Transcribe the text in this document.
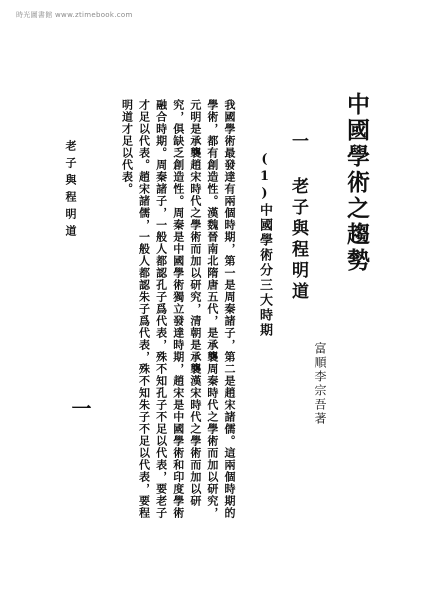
時光圖書館 www.ztimebook.com
中國學術之趨勢
一 老子與程明道
(1)中國學術分三大時期
富順李宗吾著

我國學術最發達有兩個時期，第一是周秦諸子，第二是趙宋諸儒。這兩個時期的學術，都有創造性。漢魏晉南北隋唐五代，是承襲周秦時代之學術而加以研究，元明是承襲趙宋時代之學術而加以研究，清朝是承襲漢宋時代之學術而加以研究，俱缺乏創造性。周秦是中國學術獨立發達時期，趙宋是中國學術和印度學術融合時期。周秦諸子，一般人都認孔子爲代表，殊不知孔子不足以代表，要老子才足以代表。趙宋諸儒，一般人都認朱子爲代表，殊不知朱子不足以代表，要程明道才足以代表。

老子與程明道
一
